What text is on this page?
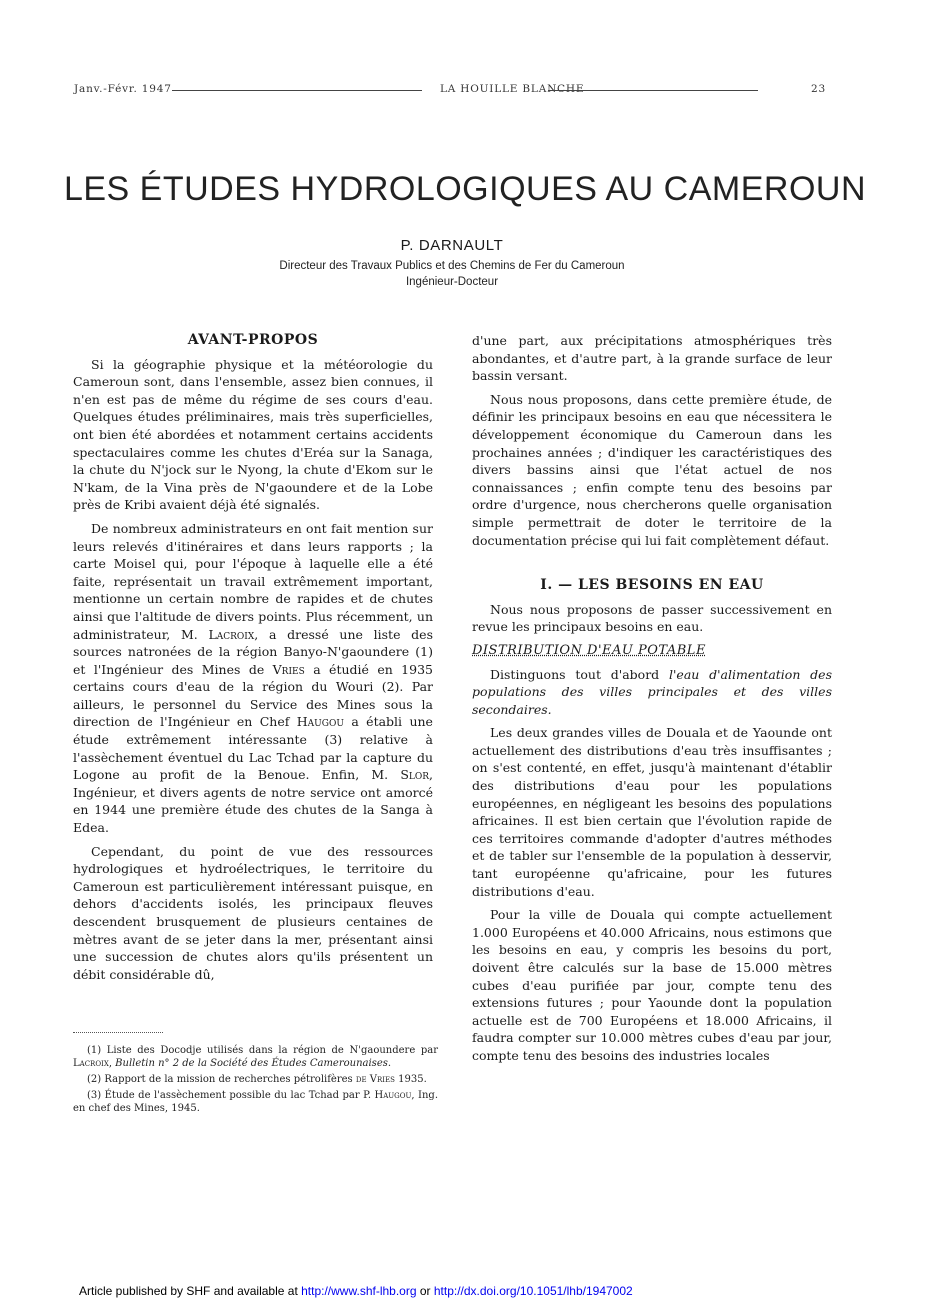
Janv.-Févr. 1947	LA HOUILLE BLANCHE	23
LES ÉTUDES HYDROLOGIQUES AU CAMEROUN
P. DARNAULT
Directeur des Travaux Publics et des Chemins de Fer du Cameroun
Ingénieur-Docteur

AVANT-PROPOS

Si la géographie physique et la météorologie du Cameroun sont, dans l'ensemble, assez bien connues, il n'en est pas de même du régime de ses cours d'eau. Quelques études préliminaires, mais très superficielles, ont bien été abordées et notamment certains accidents spectaculaires comme les chutes d'Eréa sur la Sanaga, la chute du N'jock sur le Nyong, la chute d'Ekom sur le N'kam, de la Vina près de N'gaoundere et de la Lobe près de Kribi avaient déjà été signalés.

De nombreux administrateurs en ont fait mention sur leurs relevés d'itinéraires et dans leurs rapports ; la carte Moisel qui, pour l'époque à laquelle elle a été faite, représentait un travail extrêmement important, mentionne un certain nombre de rapides et de chutes ainsi que l'altitude de divers points. Plus récemment, un administrateur, M. Lacroix, a dressé une liste des sources natronées de la région Banyo-N'gaoundere (1) et l'Ingénieur des Mines de Vries a étudié en 1935 certains cours d'eau de la région du Wouri (2). Par ailleurs, le personnel du Service des Mines sous la direction de l'Ingénieur en Chef Haugou a établi une étude extrêmement intéressante (3) relative à l'assèchement éventuel du Lac Tchad par la capture du Logone au profit de la Benoue. Enfin, M. Slor, Ingénieur, et divers agents de notre service ont amorcé en 1944 une première étude des chutes de la Sanga à Edea.

Cependant, du point de vue des ressources hydrologiques et hydroélectriques, le territoire du Cameroun est particulièrement intéressant puisque, en dehors d'accidents isolés, les principaux fleuves descendent brusquement de plusieurs centaines de mètres avant de se jeter dans la mer, présentant ainsi une succession de chutes alors qu'ils présentent un débit considérable dû,

(1) Liste des Docodje utilisés dans la région de N'gaoundere par Lacroix, Bulletin n° 2 de la Société des Études Camerounaises.

(2) Rapport de la mission de recherches pétrolifères de Vries 1935.

(3) Étude de l'assèchement possible du lac Tchad par P. Haugou, Ing. en chef des Mines, 1945.

d'une part, aux précipitations atmosphériques très abondantes, et d'autre part, à la grande surface de leur bassin versant.

Nous nous proposons, dans cette première étude, de définir les principaux besoins en eau que nécessitera le développement économique du Cameroun dans les prochaines années ; d'indiquer les caractéristiques des divers bassins ainsi que l'état actuel de nos connaissances ; enfin compte tenu des besoins par ordre d'urgence, nous chercherons quelle organisation simple permettrait de doter le territoire de la documentation précise qui lui fait complètement défaut.

I. — LES BESOINS EN EAU

Nous nous proposons de passer successivement en revue les principaux besoins en eau.

DISTRIBUTION D'EAU POTABLE

Distinguons tout d'abord l'eau d'alimentation des populations des villes principales et des villes secondaires.

Les deux grandes villes de Douala et de Yaounde ont actuellement des distributions d'eau très insuffisantes ; on s'est contenté, en effet, jusqu'à maintenant d'établir des distributions d'eau pour les populations européennes, en négligeant les besoins des populations africaines. Il est bien certain que l'évolution rapide de ces territoires commande d'adopter d'autres méthodes et de tabler sur l'ensemble de la population à desservir, tant européenne qu'africaine, pour les futures distributions d'eau.

Pour la ville de Douala qui compte actuellement 1.000 Européens et 40.000 Africains, nous estimons que les besoins en eau, y compris les besoins du port, doivent être calculés sur la base de 15.000 mètres cubes d'eau purifiée par jour, compte tenu des extensions futures ; pour Yaounde dont la population actuelle est de 700 Européens et 18.000 Africains, il faudra compter sur 10.000 mètres cubes d'eau par jour, compte tenu des besoins des industries locales

Article published by SHF and available at http://www.shf-lhb.org or http://dx.doi.org/10.1051/lhb/1947002
